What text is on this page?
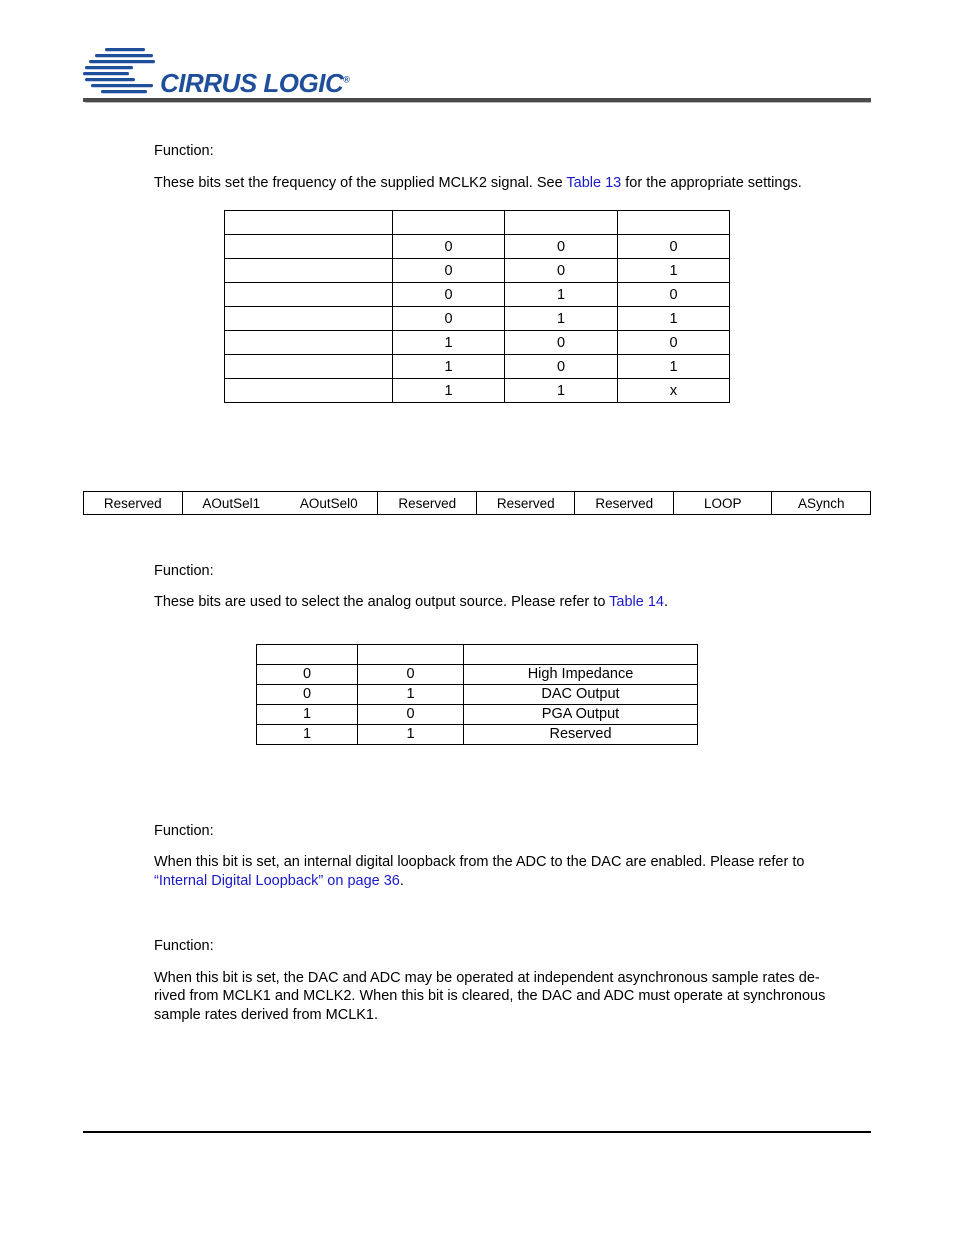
CIRRUS LOGIC®
Function:
These bits set the frequency of the supplied MCLK2 signal. See Table 13 for the appropriate settings.

	0	0	0
	0	0	1
	0	1	0
	0	1	1
	1	0	0
	1	0	1
	1	1	x
Reserved	AOutSel1	AOutSel0	Reserved	Reserved	Reserved	LOOP	ASynch
Function:
These bits are used to select the analog output source. Please refer to Table 14.

0	0	High Impedance
0	1	DAC Output
1	0	PGA Output
1	1	Reserved
Function:
When this bit is set, an internal digital loopback from the ADC to the DAC are enabled. Please refer to
“Internal Digital Loopback” on page 36.
Function:
When this bit is set, the DAC and ADC may be operated at independent asynchronous sample rates de-
rived from MCLK1 and MCLK2. When this bit is cleared, the DAC and ADC must operate at synchronous
sample rates derived from MCLK1.
